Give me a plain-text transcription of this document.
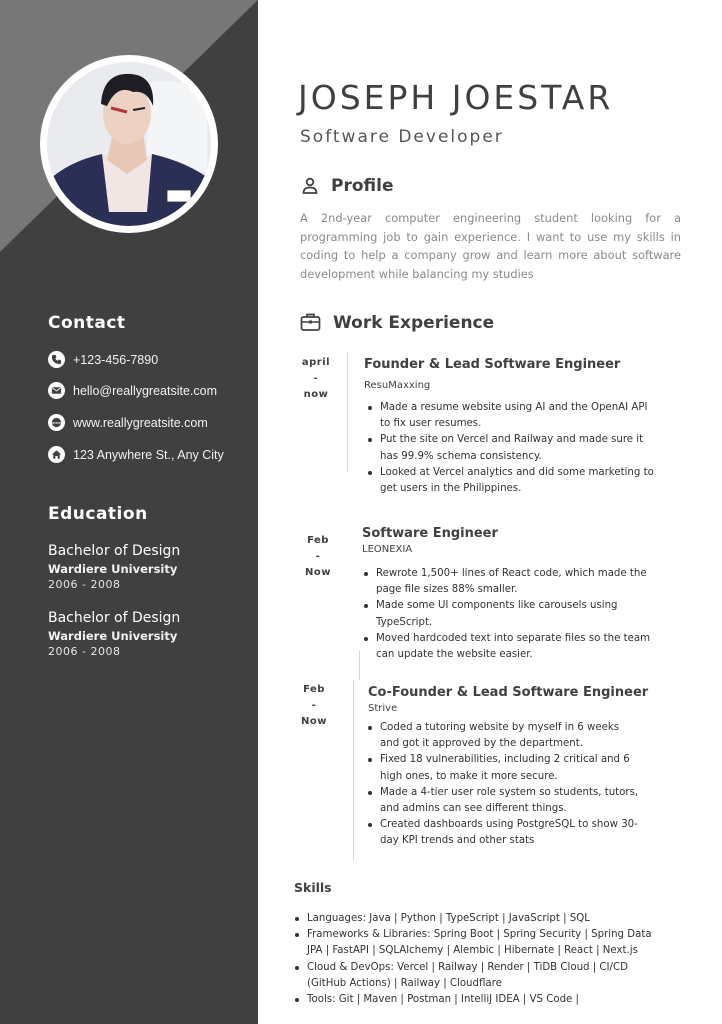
Contact
+123-456-7890
hello@reallygreatsite.com
www www.reallygreatsite.com
123 Anywhere St., Any City
Education
Bachelor of Design
Wardiere University
2006 - 2008
Bachelor of Design
Wardiere University
2006 - 2008
JOSEPH JOESTAR
Software Developer
Profile
A 2nd-year computer engineering student looking for a programming job to gain experience. I want to use my skills in coding to help a company grow and learn more about software development while balancing my studies
Work Experience
april
-
now
Founder & Lead Software Engineer
ResuMaxxing
Made a resume website using AI and the OpenAI API to fix user resumes.
Put the site on Vercel and Railway and made sure it has 99.9% schema consistency.
Looked at Vercel analytics and did some marketing to get users in the Philippines.
Feb
-
Now
Software Engineer
LEONEXIA
Rewrote 1,500+ lines of React code, which made the page file sizes 88% smaller.
Made some UI components like carousels using TypeScript.
Moved hardcoded text into separate files so the team can update the website easier.
Feb
-
Now
Co-Founder & Lead Software Engineer
Strive
Coded a tutoring website by myself in 6 weeks and got it approved by the department.
Fixed 18 vulnerabilities, including 2 critical and 6 high ones, to make it more secure.
Made a 4-tier user role system so students, tutors, and admins can see different things.
Created dashboards using PostgreSQL to show 30-day KPI trends and other stats
Skills
Languages: Java | Python | TypeScript | JavaScript | SQL
Frameworks & Libraries: Spring Boot | Spring Security | Spring Data JPA | FastAPI | SQLAlchemy | Alembic | Hibernate | React | Next.js
Cloud & DevOps: Vercel | Railway | Render | TiDB Cloud | CI/CD (GitHub Actions) | Railway | Cloudflare
Tools: Git | Maven | Postman | IntelliJ IDEA | VS Code |
